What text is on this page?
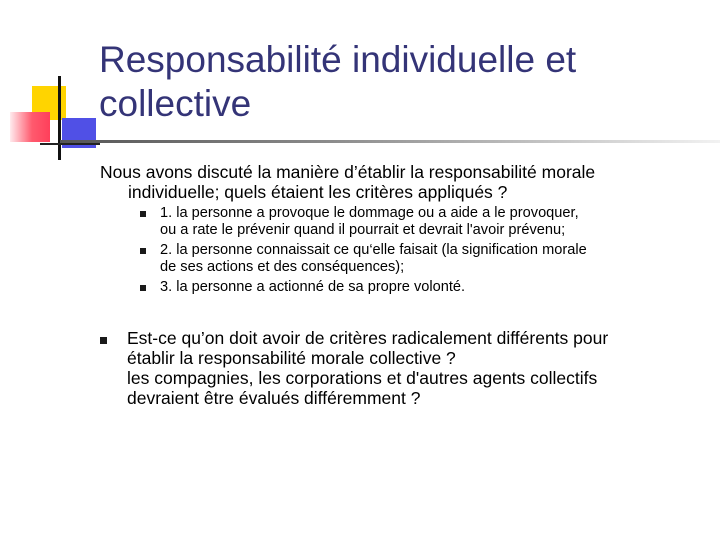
Responsabilité individuelle et collective

Nous avons discuté la manière d’établir la responsabilité morale
individuelle; quels étaient les critères appliqués ?

1. la personne a provoque le dommage ou a aide a le provoquer,
ou a rate le prévenir quand il pourrait et devrait l'avoir prévenu;
2. la personne connaissait ce qu‘elle faisait (la signification morale
de ses actions et des conséquences);
3. la personne a actionné de sa propre volonté.
Est-ce qu’on doit avoir de critères radicalement différents pour
établir la responsabilité morale collective ?
les compagnies, les corporations et d'autres agents collectifs
devraient être évalués différemment ?
